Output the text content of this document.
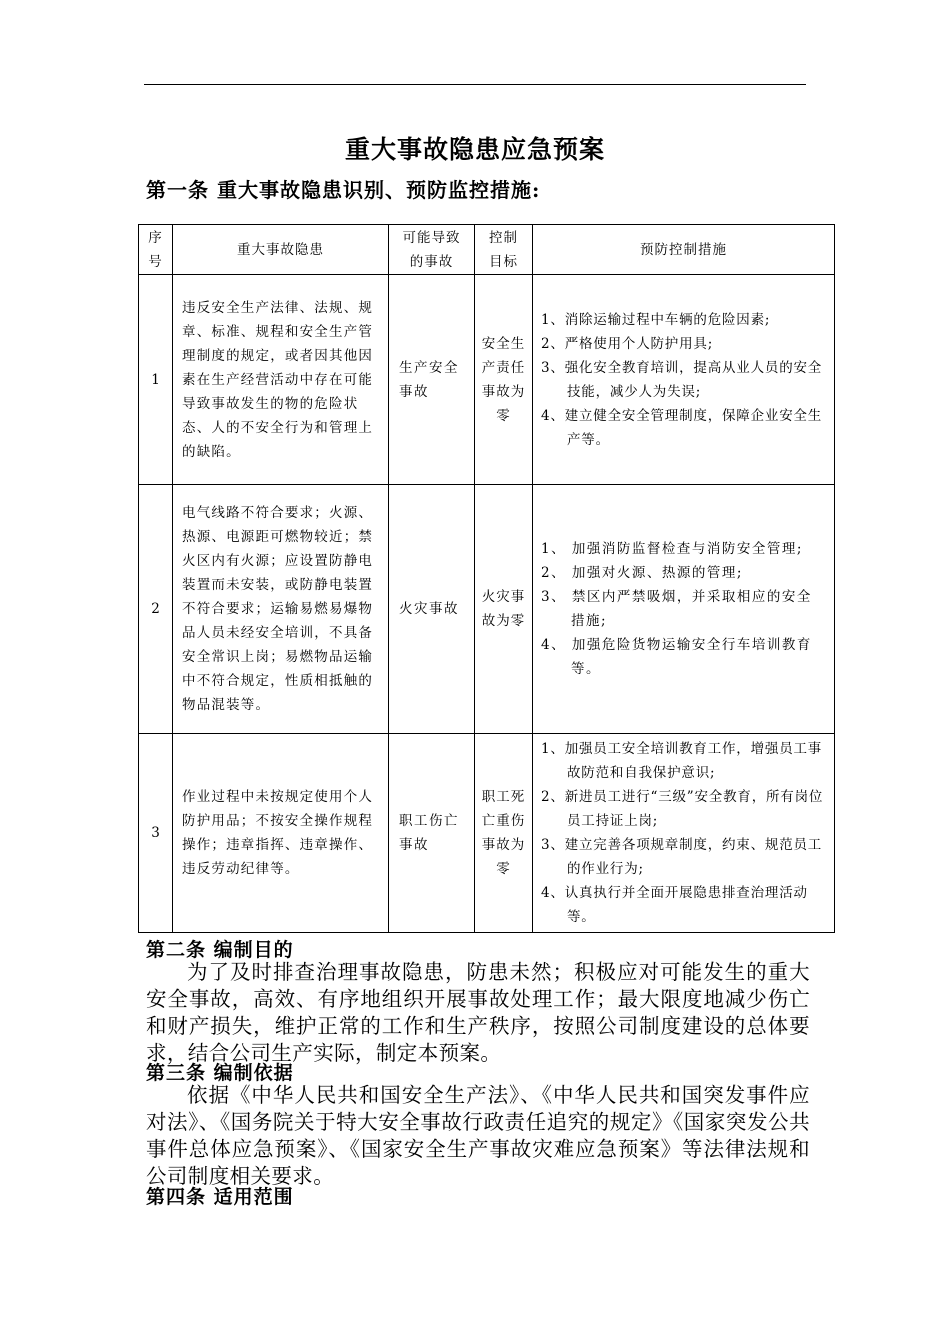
重大事故隐患应急预案
第一条 重大事故隐患识别、预防监控措施:
序号	重大事故隐患	可能导致的事故	控制目标	预防控制措施
1	违反安全生产法律、法规、规章、标准、规程和安全生产管理制度的规定，或者因其他因素在生产经营活动中存在可能导致事故发生的物的危险状态、人的不安全行为和管理上的缺陷。	生产安全事故	安全生产责任事故为零	1、消除运输过程中车辆的危险因素;
2、严格使用个人防护用具;
3、强化安全教育培训，提高从业人员的安全技能，减少人为失误;
4、建立健全安全管理制度，保障企业安全生产等。

2	电气线路不符合要求；火源、热源、电源距可燃物较近；禁火区内有火源；应设置防静电装置而未安装，或防静电装置不符合要求；运输易燃易爆物品人员未经安全培训，不具备安全常识上岗；易燃物品运输中不符合规定，性质相抵触的物品混装等。	火灾事故	火灾事故为零	1、 加强消防监督检查与消防安全管理;
2、 加强对火源、热源的管理;
3、 禁区内严禁吸烟，并采取相应的安全措施;
4、 加强危险货物运输安全行车培训教育等。

3	作业过程中未按规定使用个人防护用品；不按安全操作规程操作；违章指挥、违章操作、违反劳动纪律等。	职工伤亡事故	职工死亡重伤事故为零	1、加强员工安全培训教育工作，增强员工事故防范和自我保护意识;
2、新进员工进行“三级”安全教育，所有岗位员工持证上岗;
3、建立完善各项规章制度，约束、规范员工的作业行为;
4、认真执行并全面开展隐患排查治理活动等。
第二条 编制目的

为了及时排查治理事故隐患，防患未然；积极应对可能发生的重大安全事故，高效、有序地组织开展事故处理工作；最大限度地减少伤亡和财产损失，维护正常的工作和生产秩序，按照公司制度建设的总体要求，结合公司生产实际，制定本预案。

第三条 编制依据

依据《中华人民共和国安全生产法》、《中华人民共和国突发事件应对法》、《国务院关于特大安全事故行政责任追究的规定》《国家突发公共事件总体应急预案》、《国家安全生产事故灾难应急预案》等法律法规和公司制度相关要求。

第四条 适用范围
